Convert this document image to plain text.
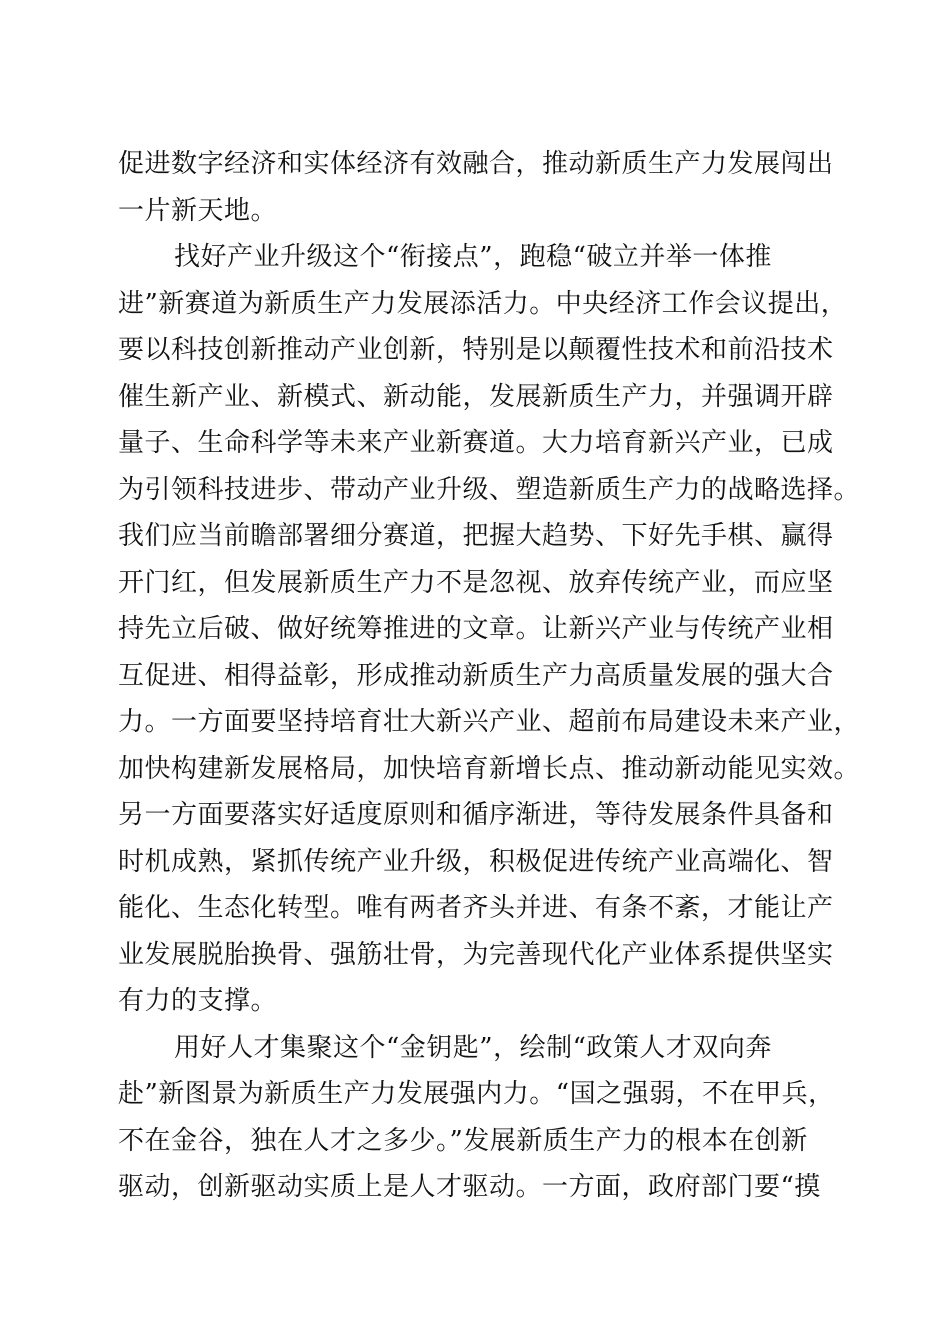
促进数字经济和实体经济有效融合，推动新质生产力发展闯出
一片新天地。
找好产业升级这个“衔接点”，跑稳“破立并举一体推
进”新赛道为新质生产力发展添活力。中央经济工作会议提出，
要以科技创新推动产业创新，特别是以颠覆性技术和前沿技术
催生新产业、新模式、新动能，发展新质生产力，并强调开辟
量子、生命科学等未来产业新赛道。大力培育新兴产业，已成
为引领科技进步、带动产业升级、塑造新质生产力的战略选择。
我们应当前瞻部署细分赛道，把握大趋势、下好先手棋、赢得
开门红，但发展新质生产力不是忽视、放弃传统产业，而应坚
持先立后破、做好统筹推进的文章。让新兴产业与传统产业相
互促进、相得益彰，形成推动新质生产力高质量发展的强大合
力。一方面要坚持培育壮大新兴产业、超前布局建设未来产业，
加快构建新发展格局，加快培育新增长点、推动新动能见实效。
另一方面要落实好适度原则和循序渐进，等待发展条件具备和
时机成熟，紧抓传统产业升级，积极促进传统产业高端化、智
能化、生态化转型。唯有两者齐头并进、有条不紊，才能让产
业发展脱胎换骨、强筋壮骨，为完善现代化产业体系提供坚实
有力的支撑。
用好人才集聚这个“金钥匙”，绘制“政策人才双向奔
赴”新图景为新质生产力发展强内力。“国之强弱，不在甲兵，
不在金谷，独在人才之多少。”发展新质生产力的根本在创新
驱动，创新驱动实质上是人才驱动。一方面，政府部门要“摸
